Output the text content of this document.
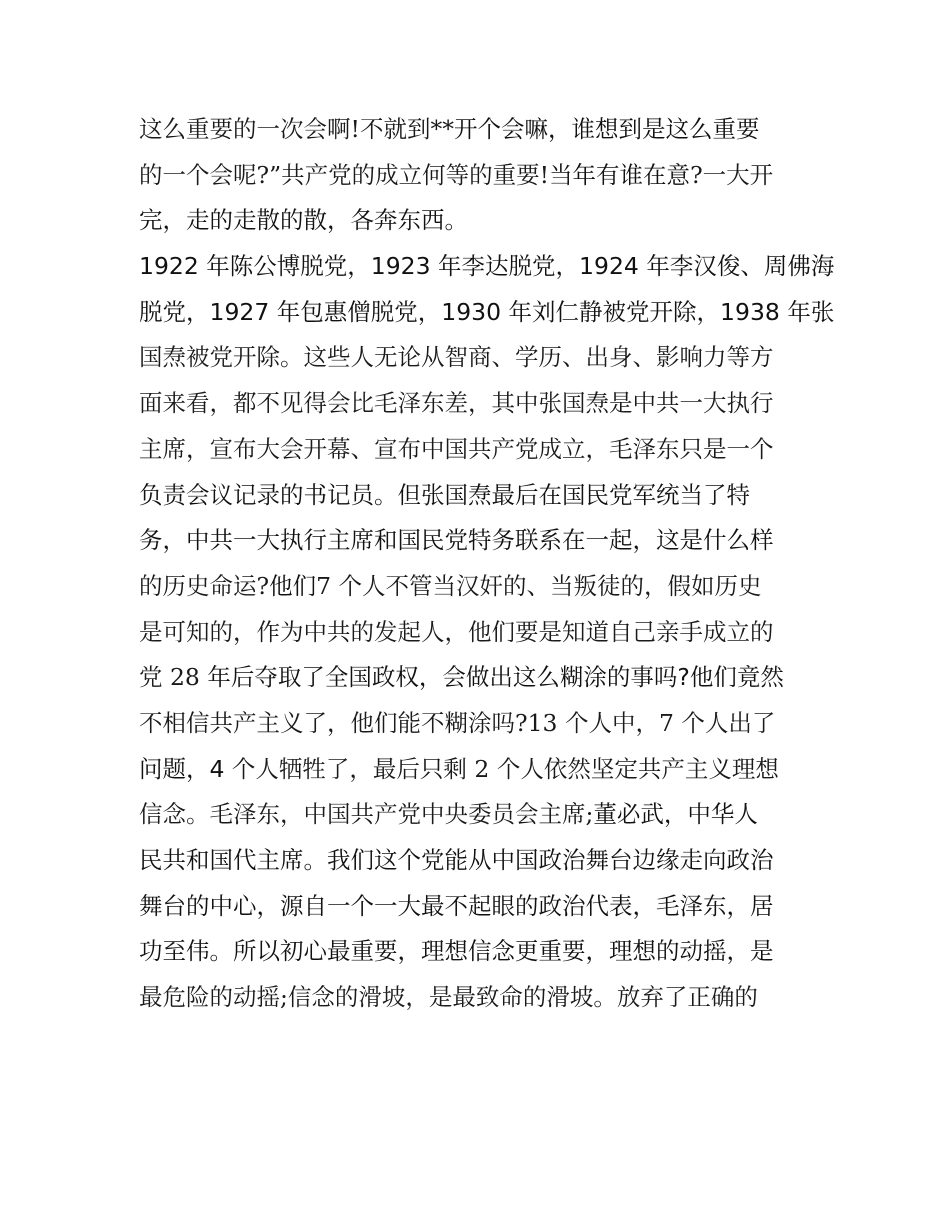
这么重要的一次会啊!不就到**开个会嘛，谁想到是这么重要
的一个会呢?”共产党的成立何等的重要!当年有谁在意?一大开
完，走的走散的散，各奔东西。
1922 年陈公博脱党，1923 年李达脱党，1924 年李汉俊、周佛海
脱党，1927 年包惠僧脱党，1930 年刘仁静被党开除，1938 年张
国焘被党开除。这些人无论从智商、学历、出身、影响力等方
面来看，都不见得会比毛泽东差，其中张国焘是中共一大执行
主席，宣布大会开幕、宣布中国共产党成立，毛泽东只是一个
负责会议记录的书记员。但张国焘最后在国民党军统当了特
务，中共一大执行主席和国民党特务联系在一起，这是什么样
的历史命运?他们7 个人不管当汉奸的、当叛徒的，假如历史
是可知的，作为中共的发起人，他们要是知道自己亲手成立的
党 28 年后夺取了全国政权，会做出这么糊涂的事吗?他们竟然
不相信共产主义了，他们能不糊涂吗?13 个人中，7 个人出了
问题，4 个人牺牲了，最后只剩 2 个人依然坚定共产主义理想
信念。毛泽东，中国共产党中央委员会主席;董必武，中华人
民共和国代主席。我们这个党能从中国政治舞台边缘走向政治
舞台的中心，源自一个一大最不起眼的政治代表，毛泽东，居
功至伟。所以初心最重要，理想信念更重要，理想的动摇，是
最危险的动摇;信念的滑坡，是最致命的滑坡。放弃了正确的
